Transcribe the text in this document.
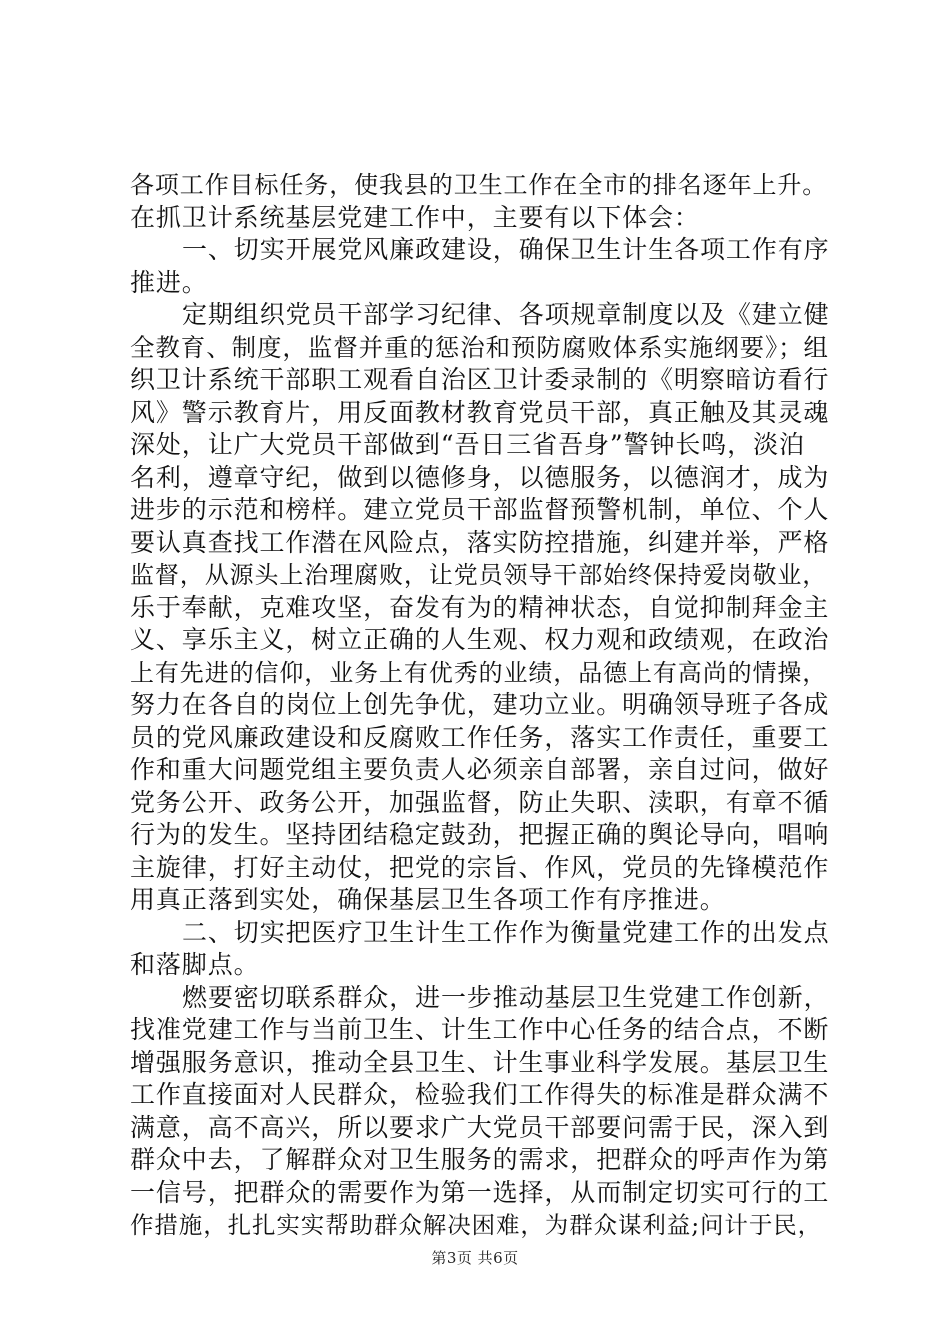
各项工作目标任务，使我县的卫生工作在全市的排名逐年上升。
在抓卫计系统基层党建工作中，主要有以下体会：
一、切实开展党风廉政建设，确保卫生计生各项工作有序
推进。
定期组织党员干部学习纪律、各项规章制度以及《建立健
全教育、制度，监督并重的惩治和预防腐败体系实施纲要》；组
织卫计系统干部职工观看自治区卫计委录制的《明察暗访看行
风》警示教育片，用反面教材教育党员干部，真正触及其灵魂
深处，让广大党员干部做到“吾日三省吾身”警钟长鸣，淡泊
名利，遵章守纪，做到以德修身，以德服务，以德润才，成为
进步的示范和榜样。建立党员干部监督预警机制，单位、个人
要认真查找工作潜在风险点，落实防控措施，纠建并举，严格
监督，从源头上治理腐败，让党员领导干部始终保持爱岗敬业，
乐于奉献，克难攻坚，奋发有为的精神状态，自觉抑制拜金主
义、享乐主义，树立正确的人生观、权力观和政绩观，在政治
上有先进的信仰，业务上有优秀的业绩，品德上有高尚的情操，
努力在各自的岗位上创先争优，建功立业。明确领导班子各成
员的党风廉政建设和反腐败工作任务，落实工作责任，重要工
作和重大问题党组主要负责人必须亲自部署，亲自过问，做好
党务公开、政务公开，加强监督，防止失职、渎职，有章不循
行为的发生。坚持团结稳定鼓劲，把握正确的舆论导向，唱响
主旋律，打好主动仗，把党的宗旨、作风，党员的先锋模范作
用真正落到实处，确保基层卫生各项工作有序推进。
二、切实把医疗卫生计生工作作为衡量党建工作的出发点
和落脚点。
燃要密切联系群众，进一步推动基层卫生党建工作创新，
找准党建工作与当前卫生、计生工作中心任务的结合点，不断
增强服务意识，推动全县卫生、计生事业科学发展。基层卫生
工作直接面对人民群众，检验我们工作得失的标准是群众满不
满意，高不高兴，所以要求广大党员干部要问需于民，深入到
群众中去，了解群众对卫生服务的需求，把群众的呼声作为第
一信号，把群众的需要作为第一选择，从而制定切实可行的工
作措施，扎扎实实帮助群众解决困难，为群众谋利益;问计于民，
第3页 共6页
